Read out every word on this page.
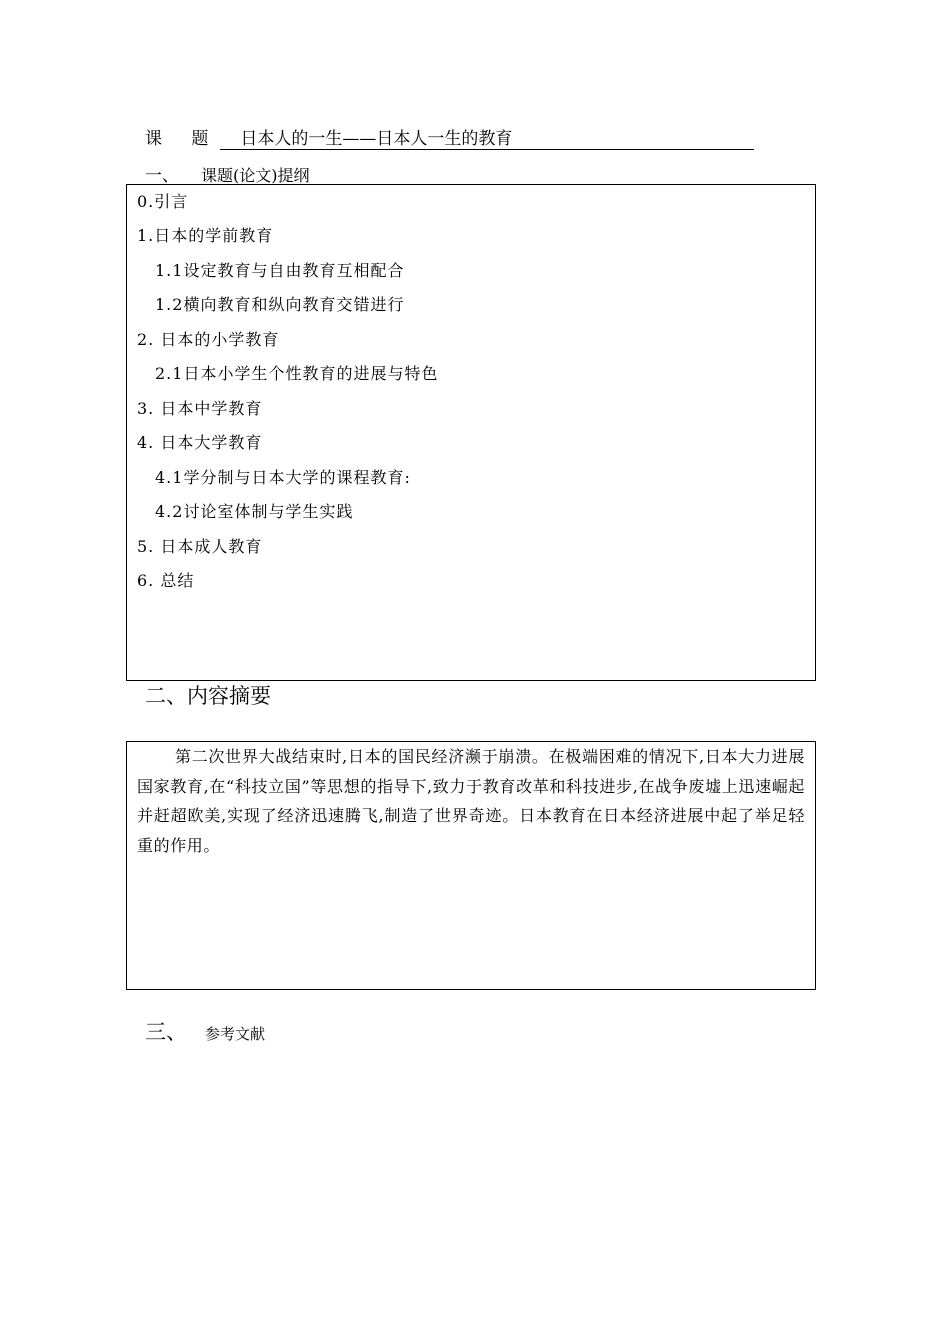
课 题 日本人的一生——日本人一生的教育
一、 课题(论文)提纲
0.引言
1.日本的学前教育
1.1设定教育与自由教育互相配合
1.2横向教育和纵向教育交错进行
2. 日本的小学教育
2.1日本小学生个性教育的进展与特色
3. 日本中学教育
4. 日本大学教育
4.1学分制与日本大学的课程教育:
4.2讨论室体制与学生实践
5. 日本成人教育
6. 总结
二、内容摘要
第二次世界大战结束时,日本的国民经济濒于崩溃。在极端困难的情况下,日本大力进展国家教育,在“科技立国”等思想的指导下,致力于教育改革和科技进步,在战争废墟上迅速崛起并赶超欧美,实现了经济迅速腾飞,制造了世界奇迹。日本教育在日本经济进展中起了举足轻重的作用。
三、 参考文献
